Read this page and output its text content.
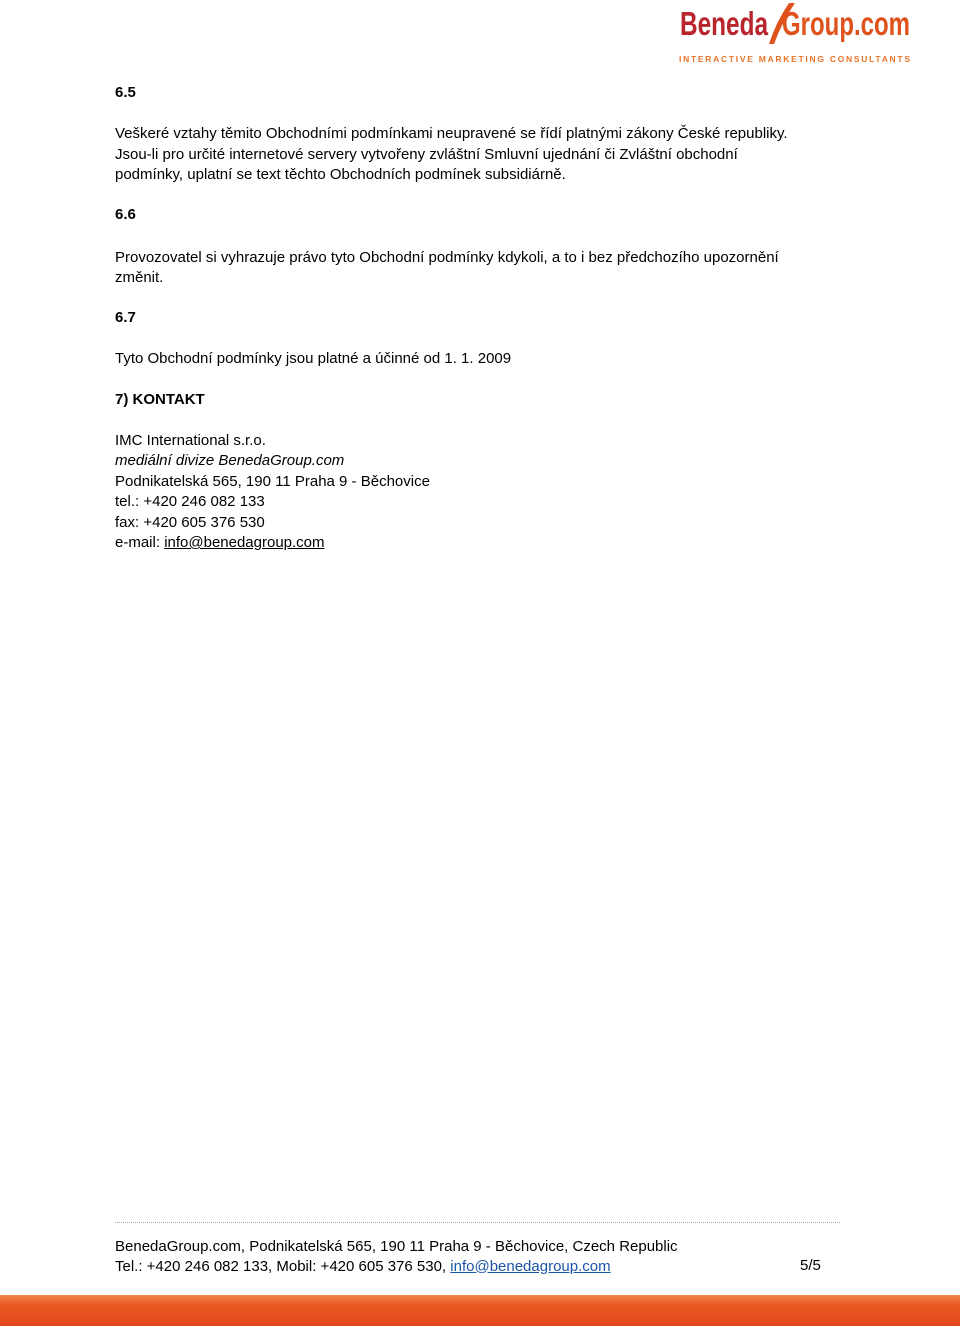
Beneda Group.com
INTERACTIVE MARKETING CONSULTANTS
6.5
Veškeré vztahy těmito Obchodními podmínkami neupravené se řídí platnými zákony České republiky.
Jsou-li pro určité internetové servery vytvořeny zvláštní Smluvní ujednání či Zvláštní obchodní
podmínky, uplatní se text těchto Obchodních podmínek subsidiárně.
6.6
Provozovatel si vyhrazuje právo tyto Obchodní podmínky kdykoli, a to i bez předchozího upozornění
změnit.
6.7
Tyto Obchodní podmínky jsou platné a účinné od 1. 1. 2009
7) KONTAKT
IMC International s.r.o.
mediální divize BenedaGroup.com
Podnikatelská 565, 190 11 Praha 9 - Běchovice
tel.: +420 246 082 133
fax: +420 605 376 530
e-mail: info@benedagroup.com
BenedaGroup.com, Podnikatelská 565, 190 11 Praha 9 - Běchovice, Czech Republic
Tel.: +420 246 082 133, Mobil: +420 605 376 530, info@benedagroup.com	5/5
